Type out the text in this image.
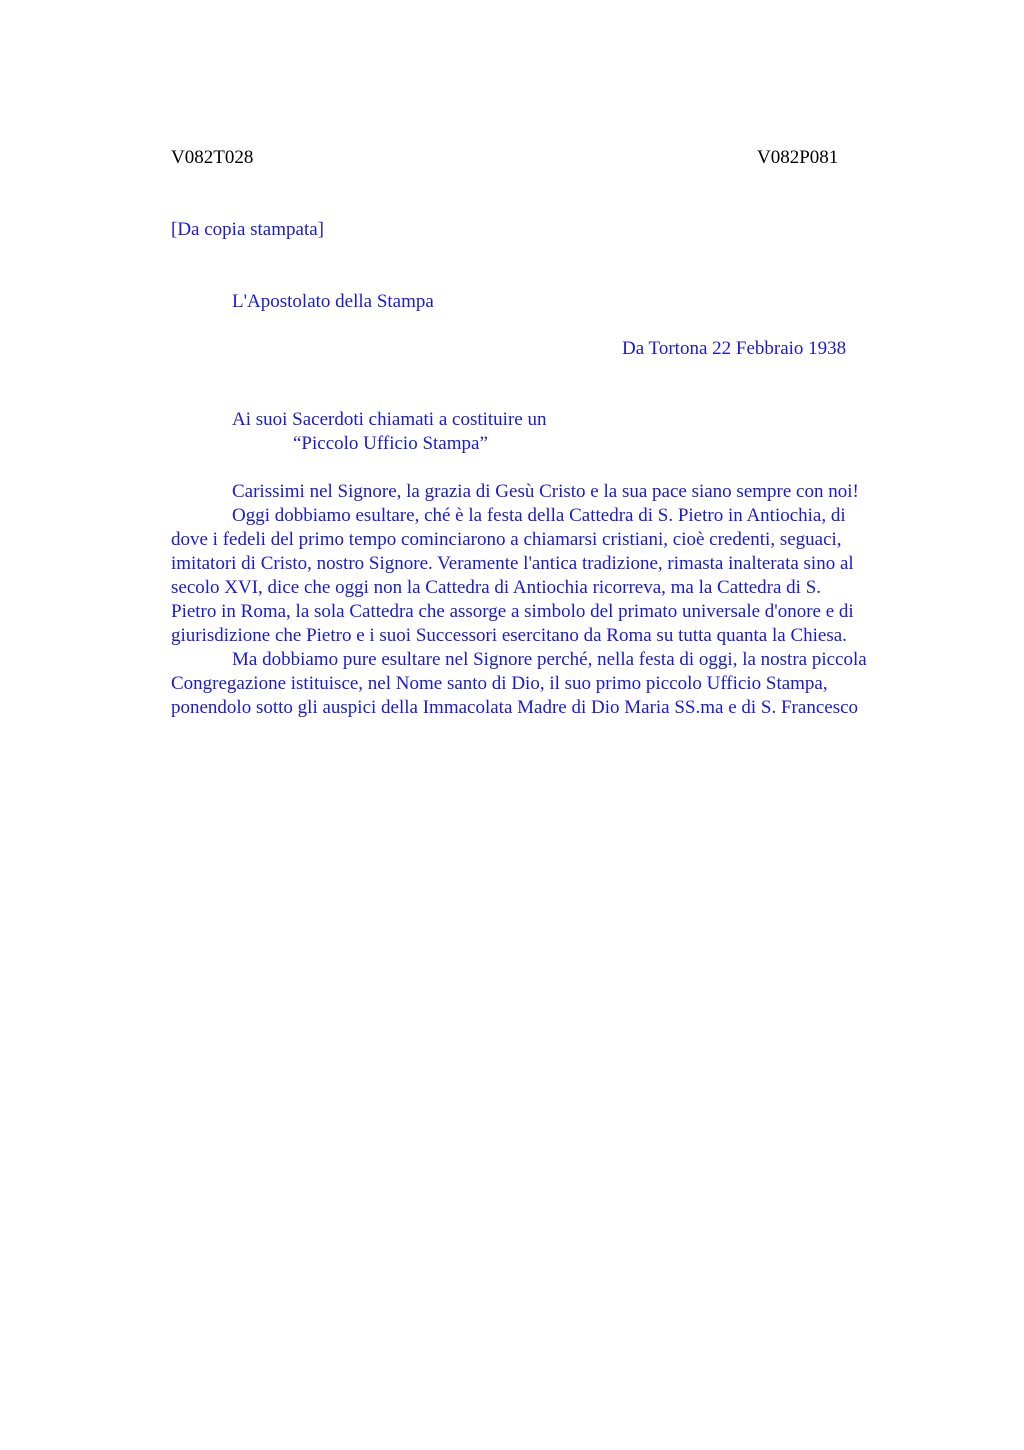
V082T028	V082P081
[Da copia stampata]
L'Apostolato della Stampa
Da Tortona 22 Febbraio 1938
Ai suoi Sacerdoti chiamati a costituire un
“Piccolo Ufficio Stampa”
Carissimi nel Signore, la grazia di Gesù Cristo e la sua pace siano sempre con noi!
Oggi dobbiamo esultare, ché è la festa della Cattedra di S. Pietro in Antiochia, di
dove i fedeli del primo tempo cominciarono a chiamarsi cristiani, cioè credenti, seguaci,
imitatori di Cristo, nostro Signore. Veramente l'antica tradizione, rimasta inalterata sino al
secolo XVI, dice che oggi non la Cattedra di Antiochia ricorreva, ma la Cattedra di S.
Pietro in Roma, la sola Cattedra che assorge a simbolo del primato universale d'onore e di
giurisdizione che Pietro e i suoi Successori esercitano da Roma su tutta quanta la Chiesa.
Ma dobbiamo pure esultare nel Signore perché, nella festa di oggi, la nostra piccola
Congregazione istituisce, nel Nome santo di Dio, il suo primo piccolo Ufficio Stampa,
ponendolo sotto gli auspici della Immacolata Madre di Dio Maria SS.ma e di S. Francesco
